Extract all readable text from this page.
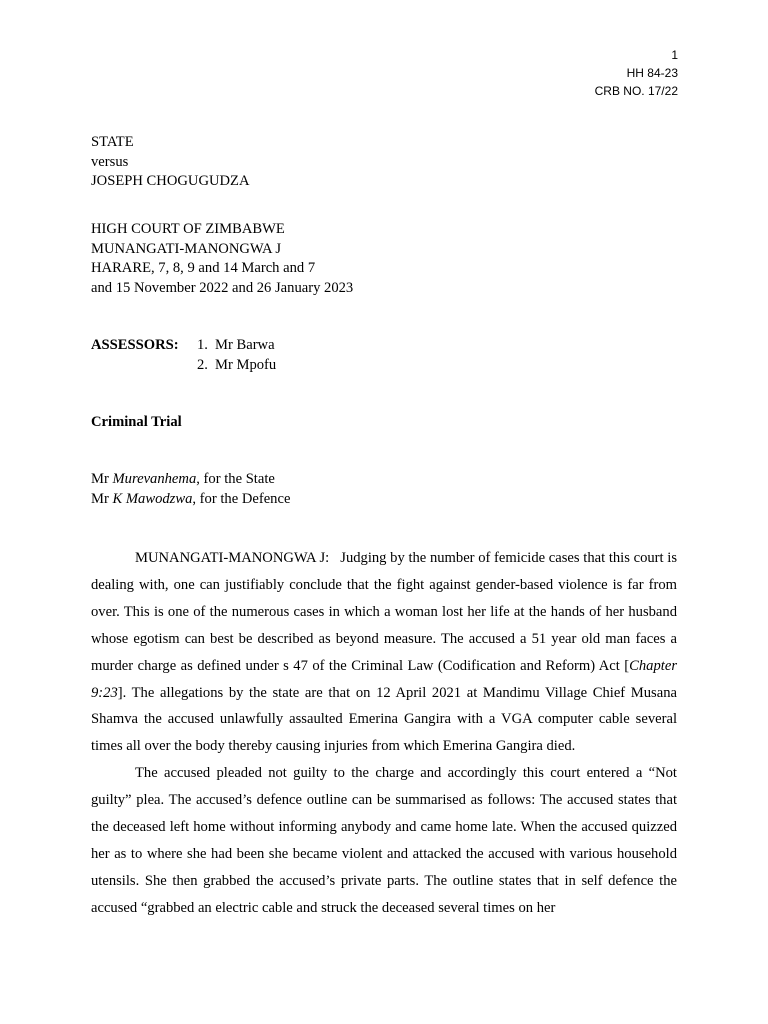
1
HH 84-23
CRB NO. 17/22
STATE
versus
JOSEPH CHOGUGUDZA
HIGH COURT OF ZIMBABWE
MUNANGATI-MANONGWA J
HARARE, 7, 8, 9 and 14 March and 7
and 15 November 2022 and 26 January 2023
ASSESSORS: 1. Mr Barwa
2. Mr Mpofu
Criminal Trial
Mr Murevanhema, for the State
Mr K Mawodzwa, for the Defence

MUNANGATI-MANONGWA J:   Judging by the number of femicide cases that this court is dealing with, one can justifiably conclude that the fight against gender-based violence is far from over. This is one of the numerous cases in which a woman lost her life at the hands of her husband whose egotism can best be described as beyond measure. The accused a 51 year old man faces a murder charge as defined under s 47 of the Criminal Law (Codification and Reform) Act [Chapter 9:23]. The allegations by the state are that on 12 April 2021 at Mandimu Village Chief Musana Shamva the accused unlawfully assaulted Emerina Gangira with a VGA computer cable several times all over the body thereby causing injuries from which Emerina Gangira died.

The accused pleaded not guilty to the charge and accordingly this court entered a “Not guilty” plea. The accused’s defence outline can be summarised as follows: The accused states that the deceased left home without informing anybody and came home late. When the accused quizzed her as to where she had been she became violent and attacked the accused with various household utensils. She then grabbed the accused’s private parts. The outline states that in self defence the accused “grabbed an electric cable and struck the deceased several times on her
